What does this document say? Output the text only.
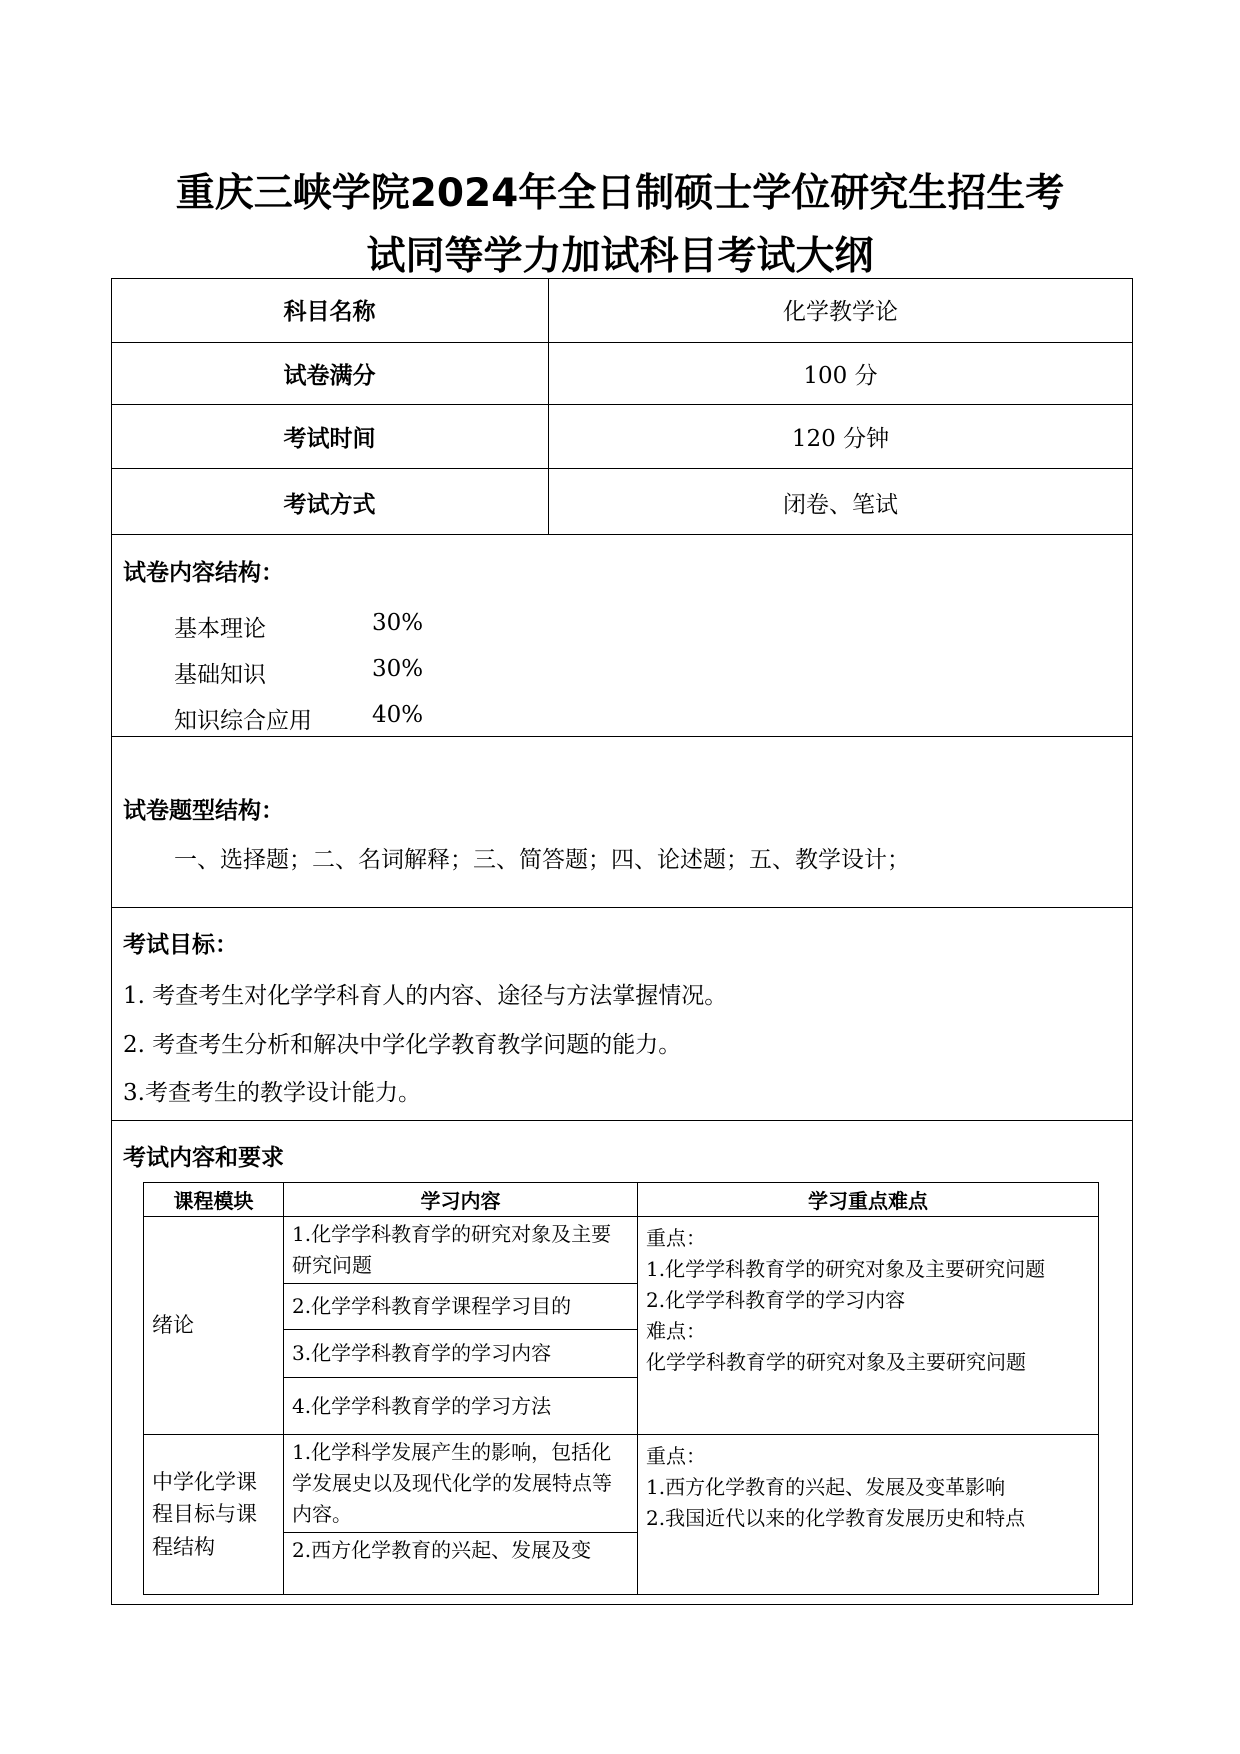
重庆三峡学院2024年全日制硕士学位研究生招生考
试同等学力加试科目考试大纲
科目名称	化学教学论
试卷满分	100 分
考试时间	120 分钟
考试方式	闭卷、笔试
试卷内容结构：
基本理论	30%
基础知识	30%
知识综合应用	40%
试卷题型结构：
一、选择题；二、名词解释；三、简答题；四、论述题；五、教学设计；
考试目标：
1. 考查考生对化学学科育人的内容、途径与方法掌握情况。
2. 考查考生分析和解决中学化学教育教学问题的能力。
3.考查考生的教学设计能力。
考试内容和要求
课程模块	学习内容	学习重点难点
绪论	1.化学学科教育学的研究对象及主要研究问题	重点：
1.化学学科教育学的研究对象及主要研究问题
2.化学学科教育学的学习内容
难点：
化学学科教育学的研究对象及主要研究问题

	2.化学学科教育学课程学习目的	
	3.化学学科教育学的学习内容	
	4.化学学科教育学的学习方法	
中学化学课程目标与课程结构	1.化学科学发展产生的影响，包括化学发展史以及现代化学的发展特点等内容。	重点：
1.西方化学教育的兴起、发展及变革影响
2.我国近代以来的化学教育发展历史和特点

	2.西方化学教育的兴起、发展及变	
